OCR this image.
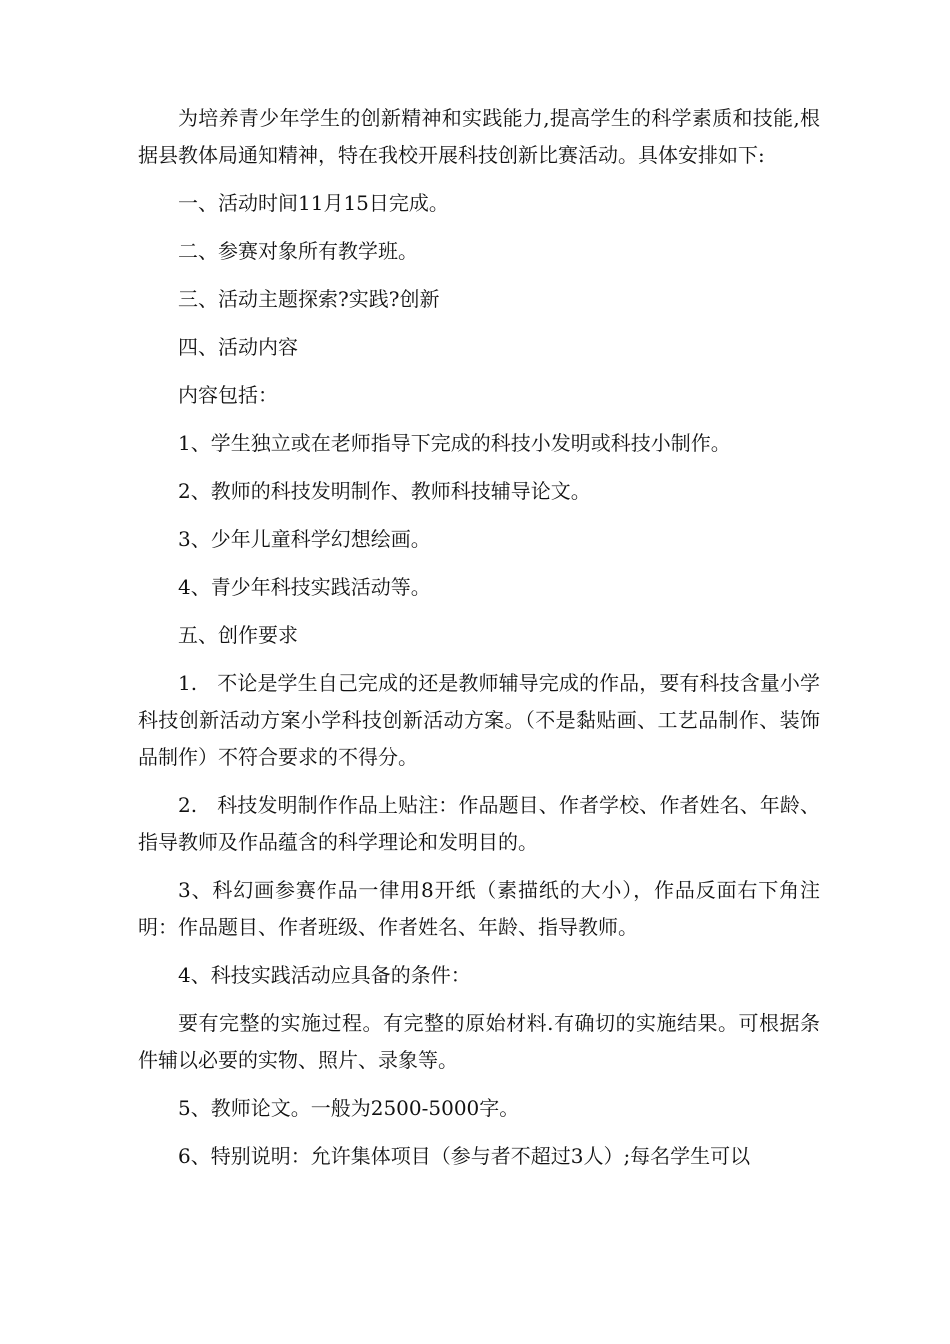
为培养青少年学生的创新精神和实践能力,提高学生的科学素质和技能,根据县教体局通知精神，特在我校开展科技创新比赛活动。具体安排如下:

一、活动时间11月15日完成。

二、参赛对象所有教学班。

三、活动主题探索?实践?创新

四、活动内容

内容包括：

1、学生独立或在老师指导下完成的科技小发明或科技小制作。

2、教师的科技发明制作、教师科技辅导论文。

3、少年儿童科学幻想绘画。

4、青少年科技实践活动等。

五、创作要求

1.　不论是学生自己完成的还是教师辅导完成的作品，要有科技含量小学科技创新活动方案小学科技创新活动方案。（不是黏贴画、工艺品制作、装饰品制作）不符合要求的不得分。

2.　科技发明制作作品上贴注：作品题目、作者学校、作者姓名、年龄、指导教师及作品蕴含的科学理论和发明目的。

3、科幻画参赛作品一律用8开纸（素描纸的大小），作品反面右下角注明：作品题目、作者班级、作者姓名、年龄、指导教师。

4、科技实践活动应具备的条件：

要有完整的实施过程。有完整的原始材料.有确切的实施结果。可根据条件辅以必要的实物、照片、录象等。

5、教师论文。一般为2500-5000字。

6、特别说明：允许集体项目（参与者不超过3人）;每名学生可以
